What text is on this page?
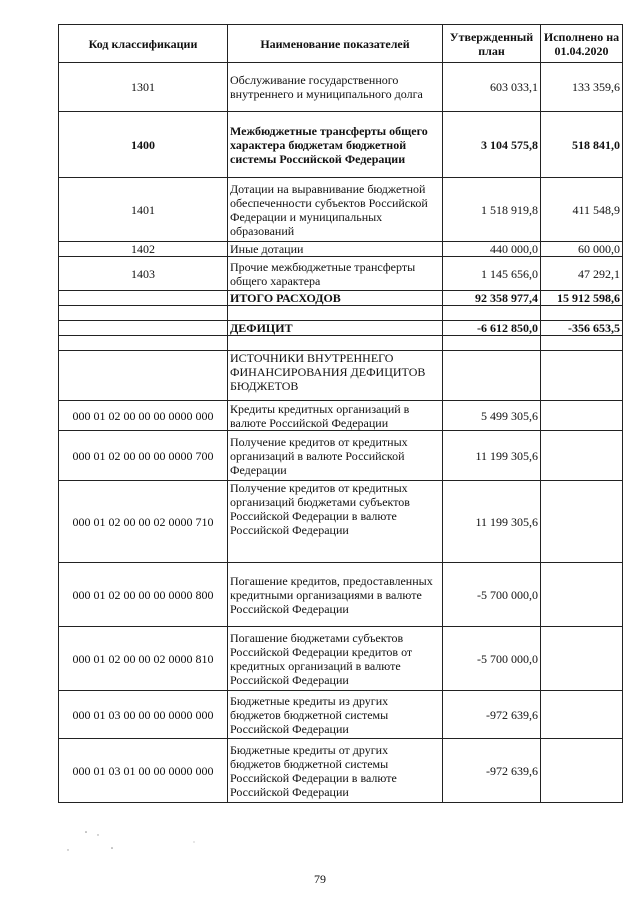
Код классификации	Наименование показателей	Утвержденный план	Исполнено на 01.04.2020
1301	Обслуживание государственного внутреннего и муниципального долга	603 033,1	133 359,6
1400	Межбюджетные трансферты общего характера бюджетам бюджетной системы Российской Федерации	3 104 575,8	518 841,0
1401	Дотации на выравнивание бюджетной обеспеченности субъектов Российской Федерации и муниципальных образований	1 518 919,8	411 548,9
1402	Иные дотации	440 000,0	60 000,0
1403	Прочие межбюджетные трансферты общего характера	1 145 656,0	47 292,1
	ИТОГО РАСХОДОВ	92 358 977,4	15 912 598,6

	ДЕФИЦИТ	-6 612 850,0	-356 653,5

	ИСТОЧНИКИ ВНУТРЕННЕГО ФИНАНСИРОВАНИЯ ДЕФИЦИТОВ БЮДЖЕТОВ		
000 01 02 00 00 00 0000 000	Кредиты кредитных организаций в валюте Российской Федерации	5 499 305,6	
000 01 02 00 00 00 0000 700	Получение кредитов от кредитных организаций в валюте Российской Федерации	11 199 305,6	
000 01 02 00 00 02 0000 710	Получение кредитов от кредитных организаций бюджетами субъектов Российской Федерации в валюте Российской Федерации	11 199 305,6	
000 01 02 00 00 00 0000 800	Погашение кредитов, предоставленных кредитными организациями в валюте Российской Федерации	-5 700 000,0	
000 01 02 00 00 02 0000 810	Погашение бюджетами субъектов Российской Федерации кредитов от кредитных организаций в валюте Российской Федерации	-5 700 000,0	
000 01 03 00 00 00 0000 000	Бюджетные кредиты из других бюджетов бюджетной системы Российской Федерации	-972 639,6	
000 01 03 01 00 00 0000 000	Бюджетные кредиты от других бюджетов бюджетной системы Российской Федерации в валюте Российской Федерации	-972 639,6	
79
